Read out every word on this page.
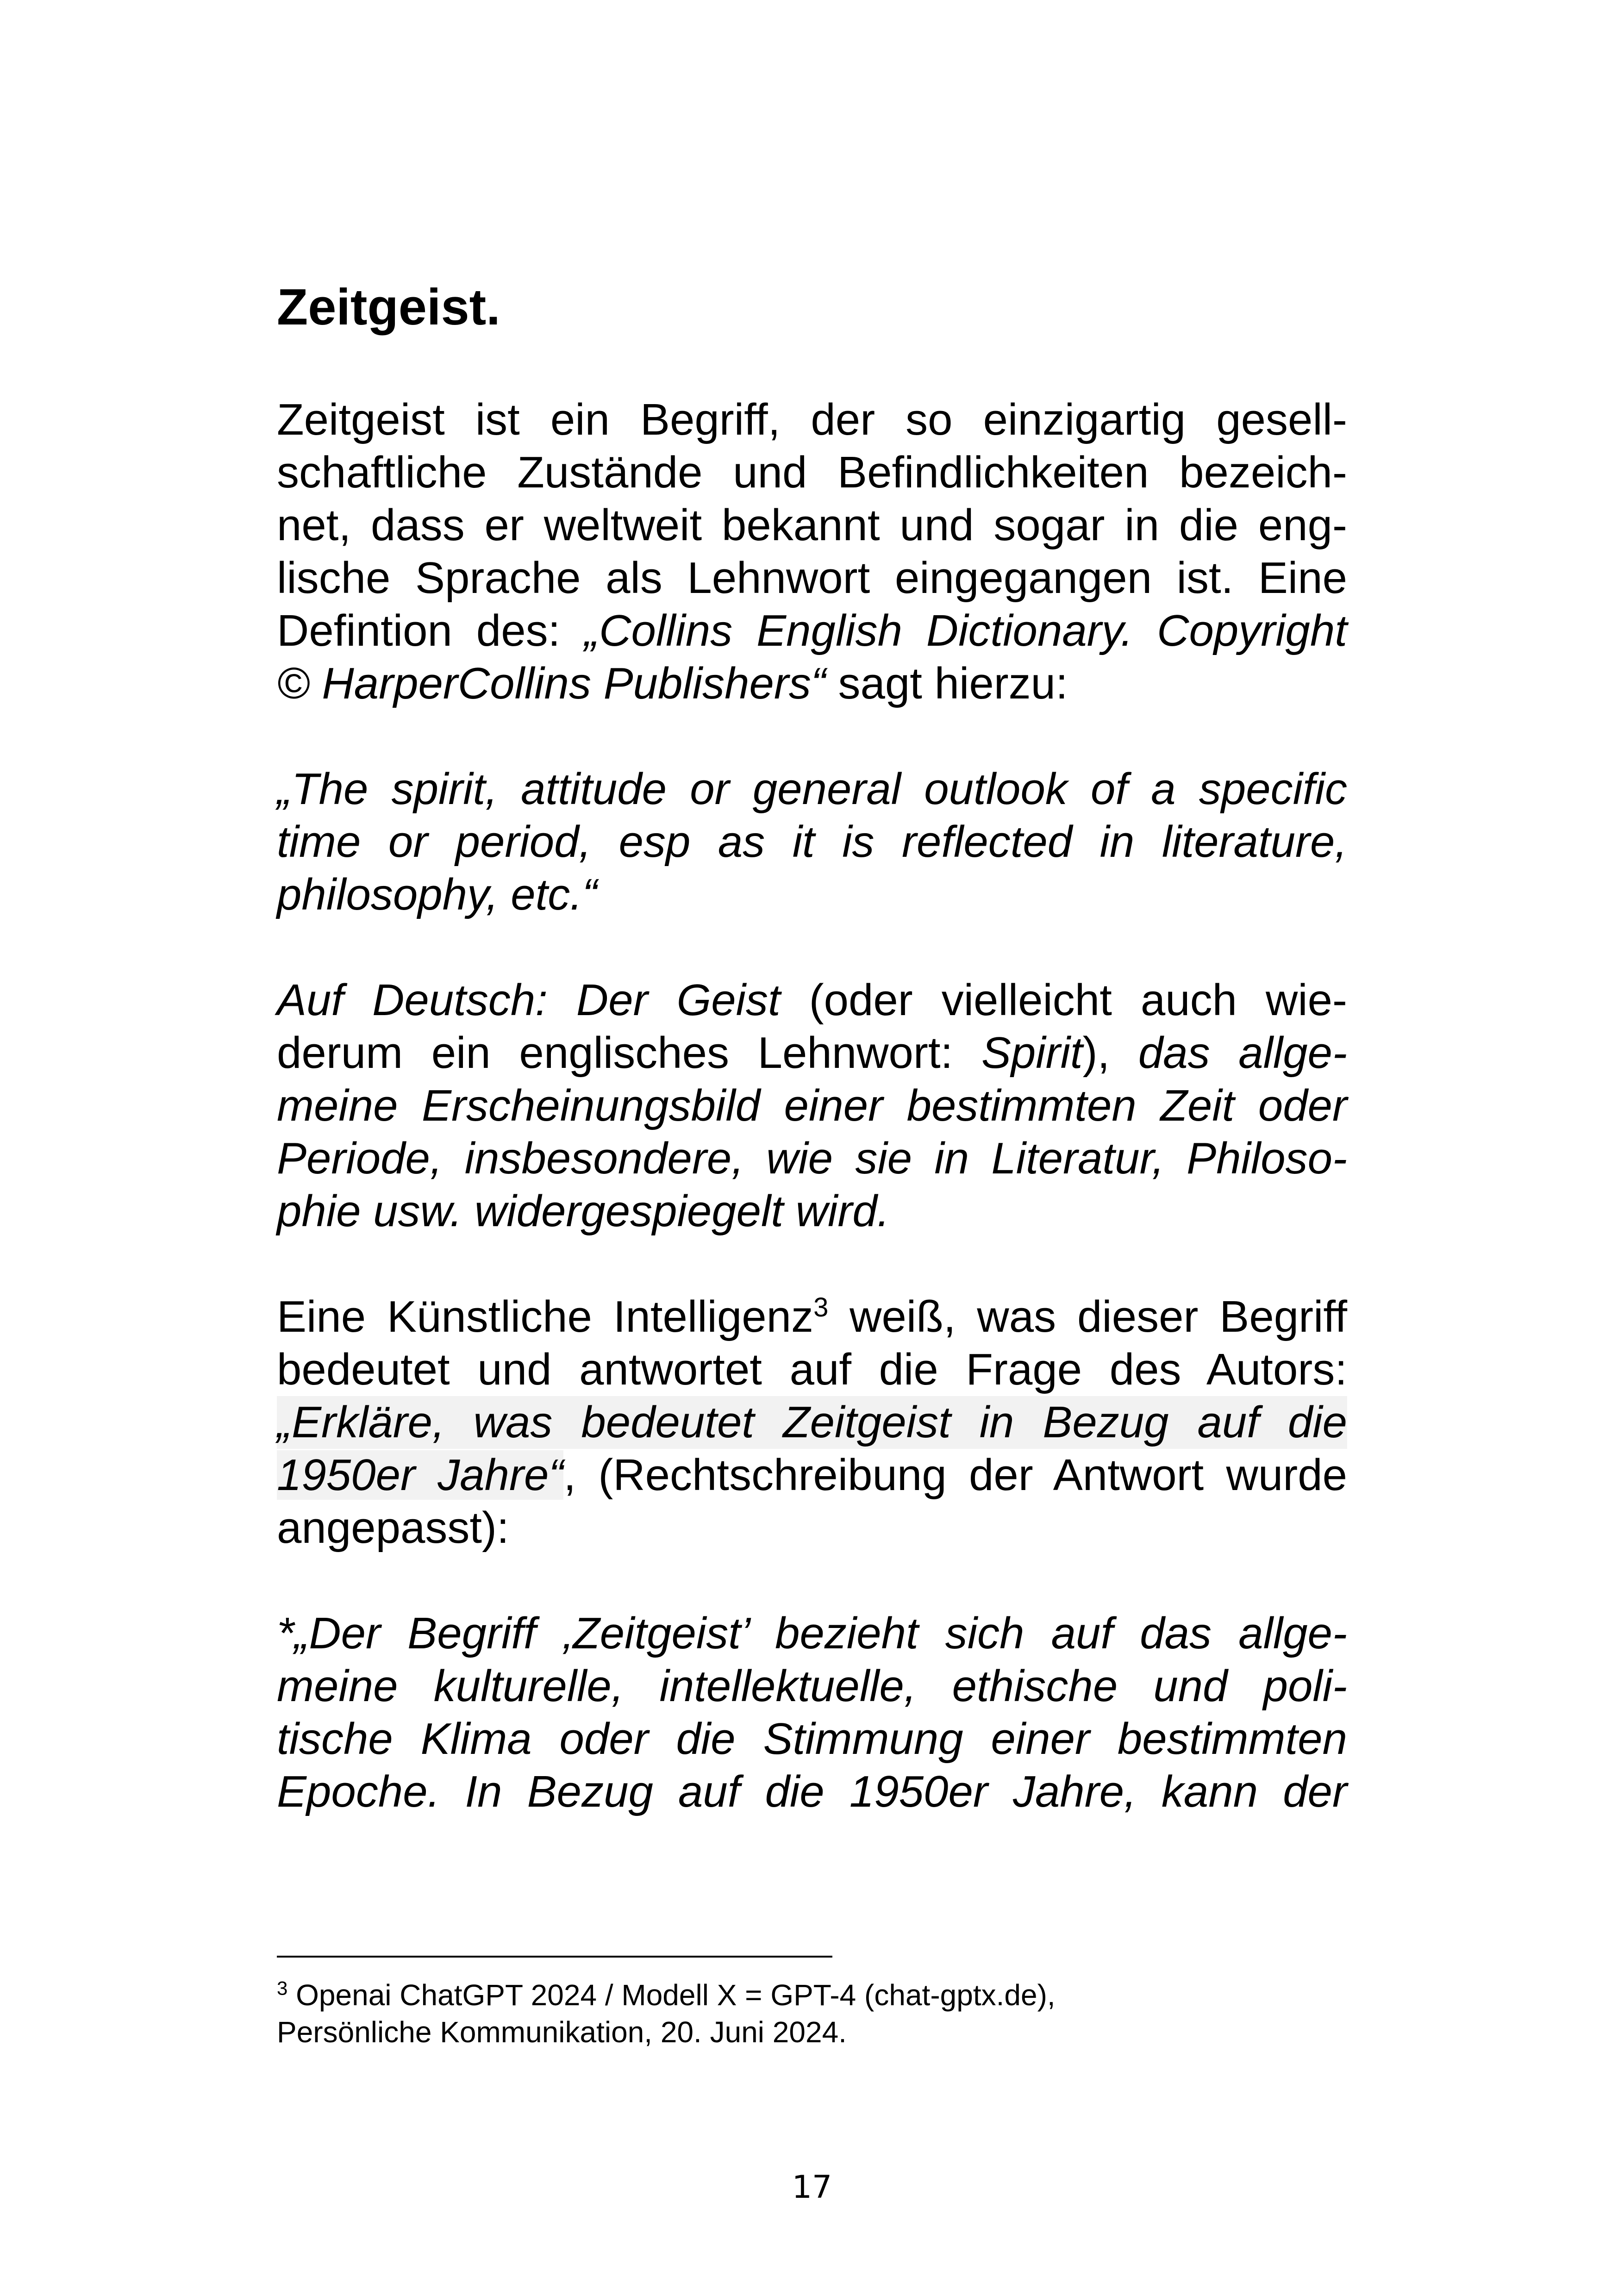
Zeitgeist.
Zeitgeist ist ein Begriff, der so einzigartig gesell-
schaftliche Zustände und Befindlichkeiten bezeich-
net, dass er weltweit bekannt und sogar in die eng-
lische Sprache als Lehnwort eingegangen ist. Eine
Defintion des: „Collins English Dictionary. Copyright
© HarperCollins Publishers“ sagt hierzu:
„The spirit, attitude or general outlook of a specific
time or period, esp as it is reflected in literature,
philosophy, etc.“
Auf Deutsch: Der Geist (oder vielleicht auch wie-
derum ein englisches Lehnwort: Spirit), das allge-
meine Erscheinungsbild einer bestimmten Zeit oder
Periode, insbesondere, wie sie in Literatur, Philoso-
phie usw. widergespiegelt wird.
Eine Künstliche Intelligenz$^3$ weiß, was dieser Begriff
bedeutet und antwortet auf die Frage des Autors:
„Erkläre, was bedeutet Zeitgeist in Bezug auf die
1950er Jahre“, (Rechtschreibung der Antwort wurde
angepasst):
*„Der Begriff ‚Zeitgeist’ bezieht sich auf das allge-
meine kulturelle, intellektuelle, ethische und poli-
tische Klima oder die Stimmung einer bestimmten
Epoche. In Bezug auf die 1950er Jahre, kann der
$^3$ Openai ChatGPT 2024 / Modell X = GPT-4 (chat-gptx.de),
Persönliche Kommunikation, 20. Juni 2024.
17
